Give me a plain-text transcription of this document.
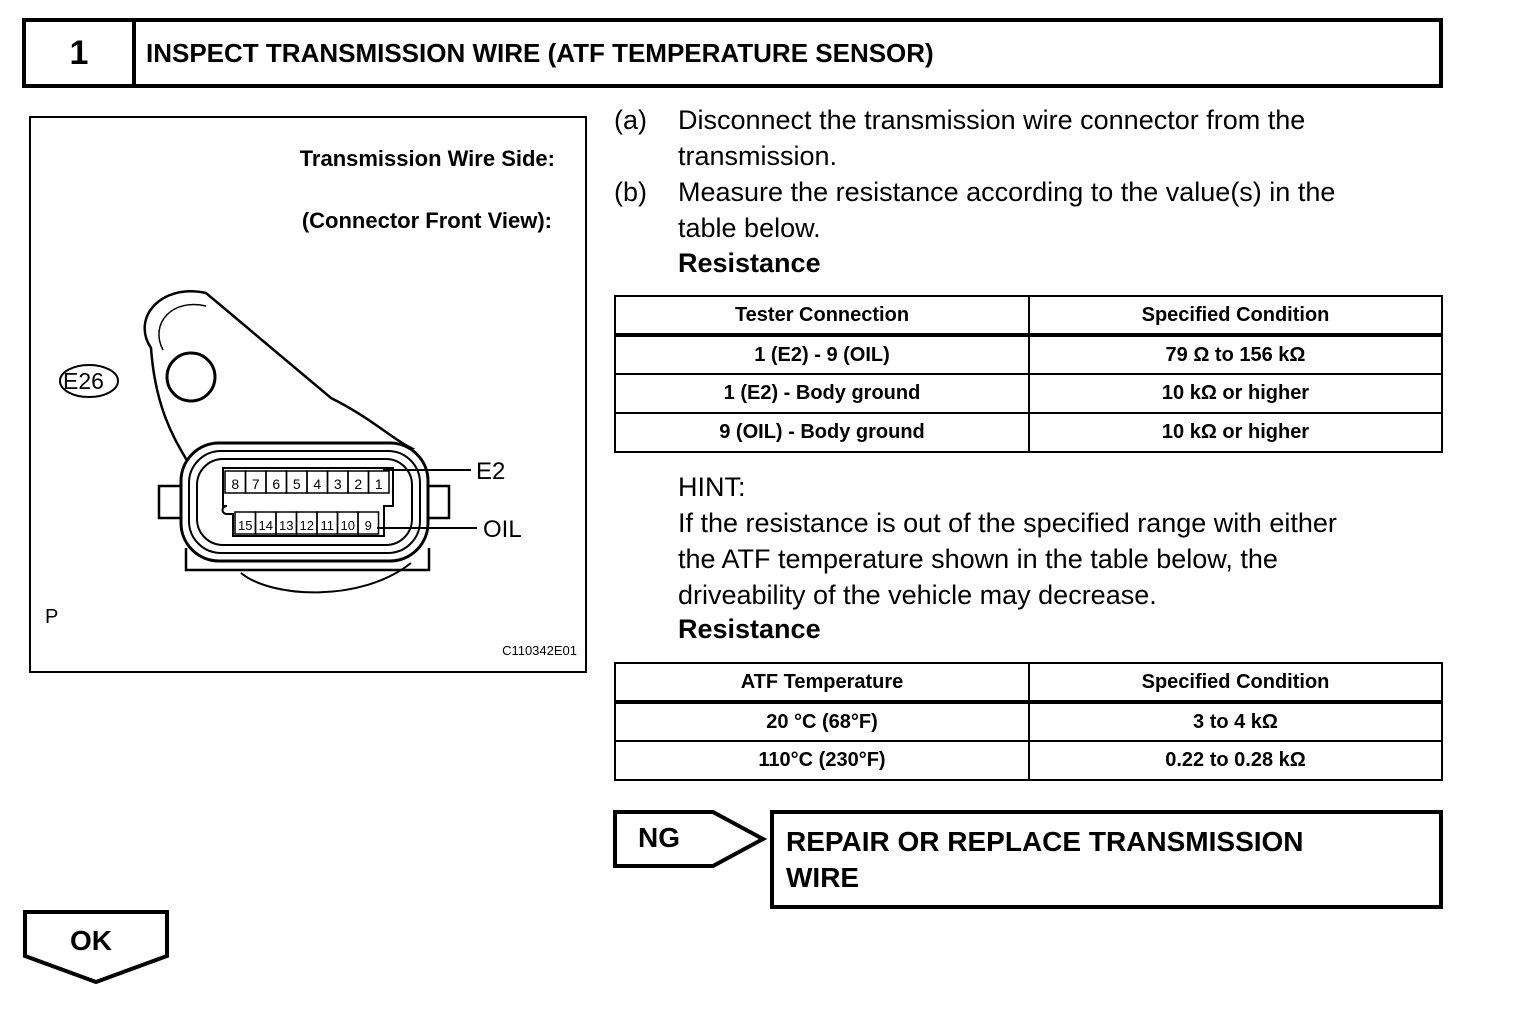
1	INSPECT TRANSMISSION WIRE (ATF TEMPERATURE SENSOR)
8 7 6 5 4 3 2 1
15 14 13 12 11 10 9
Transmission Wire Side:
(Connector Front View):
E26
E2
OIL
P
C110342E01
(a) Disconnect the transmission wire connector from the
transmission.
(b) Measure the resistance according to the value(s) in the
table below.
Resistance
Tester Connection	Specified Condition
1 (E2) - 9 (OIL)	79 Ω to 156 kΩ
1 (E2) - Body ground	10 kΩ or higher
9 (OIL) - Body ground	10 kΩ or higher
HINT:
If the resistance is out of the specified range with either
the ATF temperature shown in the table below, the
driveability of the vehicle may decrease.
Resistance
ATF Temperature	Specified Condition
20 °C (68°F)	3 to 4 kΩ
110°C (230°F)	0.22 to 0.28 kΩ
NG	REPAIR OR REPLACE TRANSMISSION
WIRE
OK
